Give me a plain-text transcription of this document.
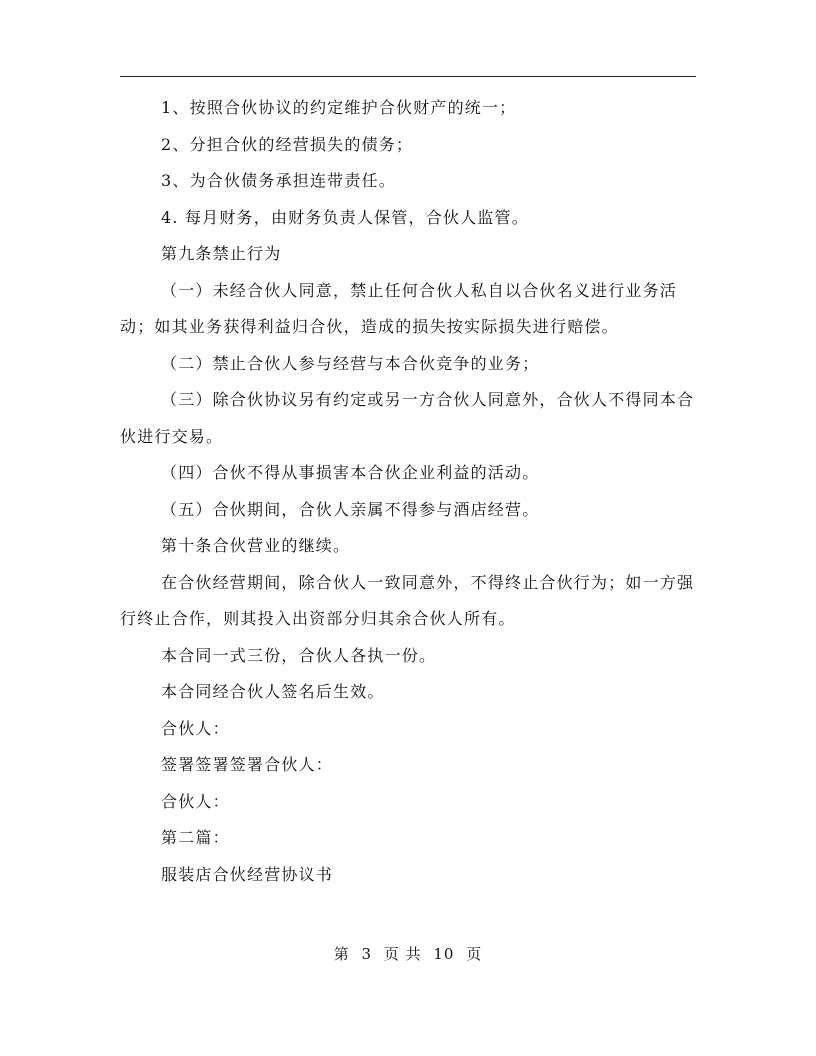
1、按照合伙协议的约定维护合伙财产的统一；

2、分担合伙的经营损失的债务；

3、为合伙债务承担连带责任。

4. 每月财务，由财务负责人保管，合伙人监管。

第九条禁止行为

（一）未经合伙人同意，禁止任何合伙人私自以合伙名义进行业务活动；如其业务获得利益归合伙，造成的损失按实际损失进行赔偿。

（二）禁止合伙人参与经营与本合伙竞争的业务；

（三）除合伙协议另有约定或另一方合伙人同意外，合伙人不得同本合伙进行交易。

（四）合伙不得从事损害本合伙企业利益的活动。

（五）合伙期间，合伙人亲属不得参与酒店经营。

第十条合伙营业的继续。

在合伙经营期间，除合伙人一致同意外，不得终止合伙行为；如一方强行终止合作，则其投入出资部分归其余合伙人所有。

本合同一式三份，合伙人各执一份。

本合同经合伙人签名后生效。

合伙人：

签署签署签署合伙人：

合伙人：

第二篇：

服装店合伙经营协议书

第 3 页 共 10 页
